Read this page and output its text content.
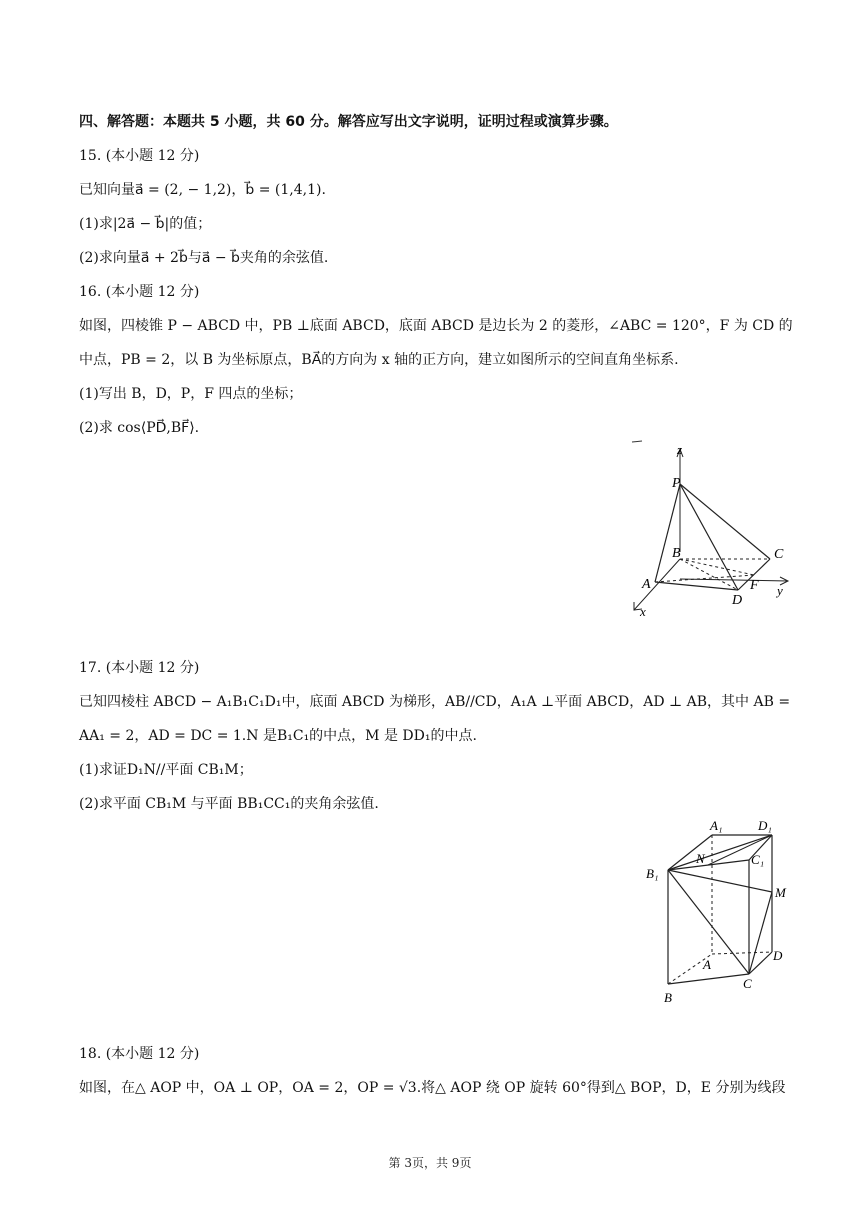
四、解答题：本题共 5 小题，共 60 分。解答应写出文字说明，证明过程或演算步骤。
15. (本小题 12 分)
已知向量a⃗ = (2, − 1,2)，b⃗ = (1,4,1).
(1)求|2a⃗ − b⃗|的值；
(2)求向量a⃗ + 2b⃗与a⃗ − b⃗夹角的余弦值.
16. (本小题 12 分)
如图，四棱锥 P − ABCD 中，PB ⊥底面 ABCD，底面 ABCD 是边长为 2 的菱形，∠ABC = 120°，F 为 CD 的
中点，PB = 2，以 B 为坐标原点，BA⃗的方向为 x 轴的正方向，建立如图所示的空间直角坐标系.
(1)写出 B，D，P，F 四点的坐标；
(2)求 cos⟨PD⃗,BF⃗⟩.
z
P
B	C
A	F
D
y
x
17. (本小题 12 分)
已知四棱柱 ABCD − A₁B₁C₁D₁中，底面 ABCD 为梯形，AB//CD，A₁A ⊥平面 ABCD，AD ⊥ AB，其中 AB =
AA₁ = 2，AD = DC = 1.N 是B₁C₁的中点，M 是 DD₁的中点.
(1)求证D₁N//平面 CB₁M；
(2)求平面 CB₁M 与平面 BB₁CC₁的夹角余弦值.
A₁	D₁
N	C₁
B₁
M
A
D
C
B
18. (本小题 12 分)
如图，在△ AOP 中，OA ⊥ OP，OA = 2，OP = √3.将△ AOP 绕 OP 旋转 60°得到△ BOP，D，E 分别为线段
第 3页，共 9页
